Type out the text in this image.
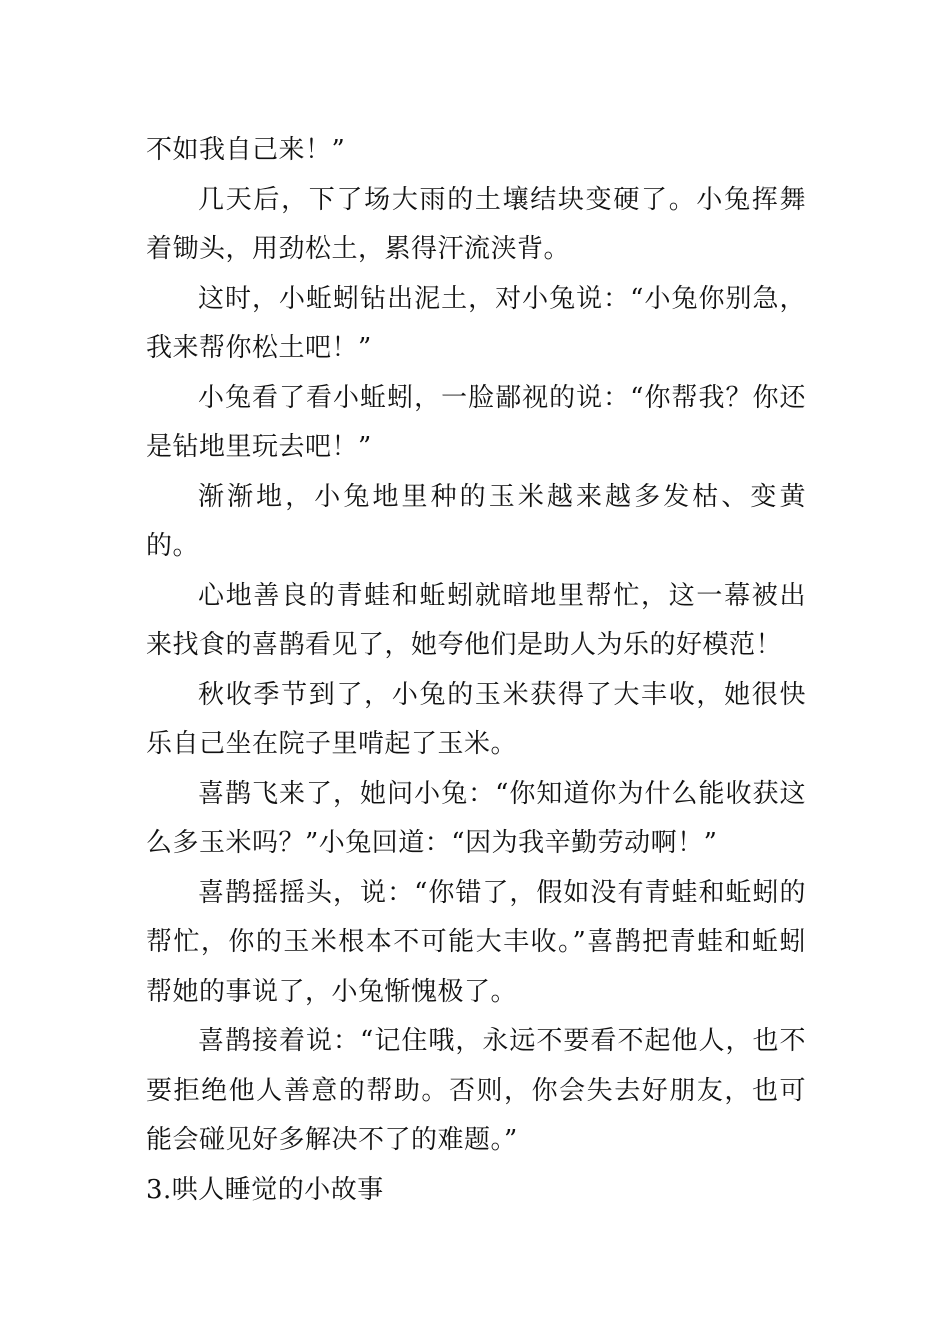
不如我自己来！”

几天后，下了场大雨的土壤结块变硬了。小兔挥舞着锄头，用劲松土，累得汗流浃背。

这时，小蚯蚓钻出泥土，对小兔说：“小兔你别急，我来帮你松土吧！”

小兔看了看小蚯蚓，一脸鄙视的说：“你帮我？你还是钻地里玩去吧！”

渐渐地，小兔地里种的玉米越来越多发枯、变黄的。

心地善良的青蛙和蚯蚓就暗地里帮忙，这一幕被出来找食的喜鹊看见了，她夸他们是助人为乐的好模范！

秋收季节到了，小兔的玉米获得了大丰收，她很快乐自己坐在院子里啃起了玉米。

喜鹊飞来了，她问小兔：“你知道你为什么能收获这么多玉米吗？”小兔回道：“因为我辛勤劳动啊！”

喜鹊摇摇头，说：“你错了，假如没有青蛙和蚯蚓的帮忙，你的玉米根本不可能大丰收。”喜鹊把青蛙和蚯蚓帮她的事说了，小兔惭愧极了。

喜鹊接着说：“记住哦，永远不要看不起他人，也不要拒绝他人善意的帮助。否则，你会失去好朋友，也可能会碰见好多解决不了的难题。”

3.哄人睡觉的小故事
